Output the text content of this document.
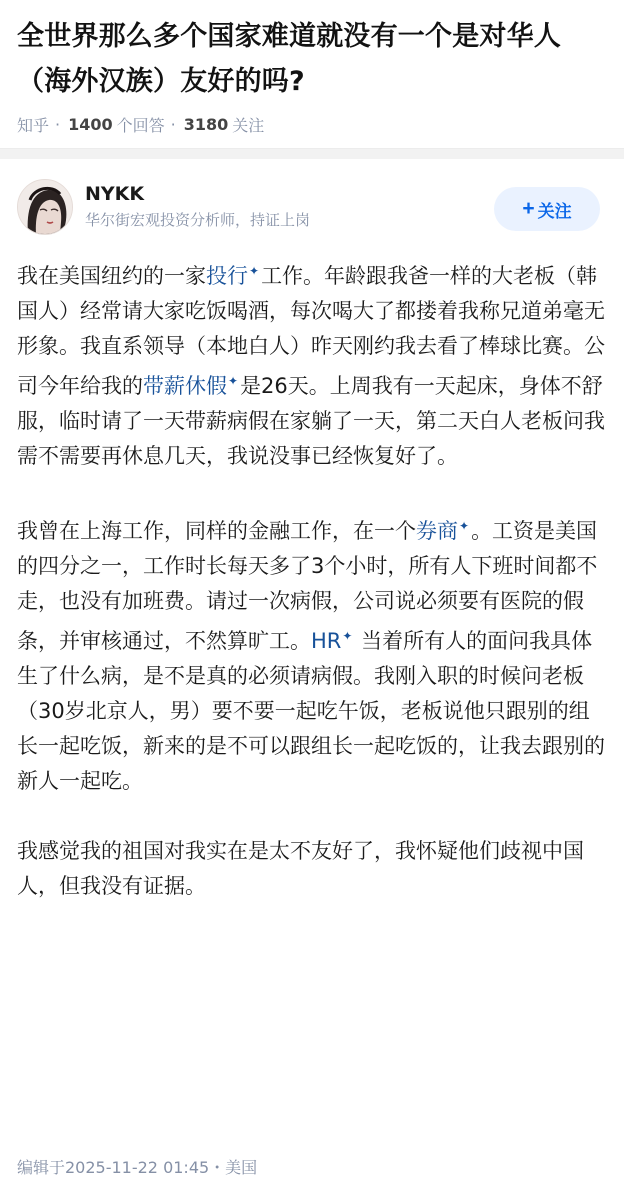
全世界那么多个国家难道就没有一个是对华人（海外汉族）友好的吗?
知乎 · 1400 个回答 · 3180 关注
NYKK
华尔街宏观投资分析师，持证上岗	+ 关注

我在美国纽约的一家投行✦工作。年龄跟我爸一样的大老板（韩国人）经常请大家吃饭喝酒，每次喝大了都搂着我称兄道弟毫无形象。我直系领导（本地白人）昨天刚约我去看了棒球比赛。公司今年给我的带薪休假✦是26天。上周我有一天起床，身体不舒服，临时请了一天带薪病假在家躺了一天，第二天白人老板问我需不需要再休息几天，我说没事已经恢复好了。

我曾在上海工作，同样的金融工作，在一个券商✦。工资是美国的四分之一，工作时长每天多了3个小时，所有人下班时间都不走，也没有加班费。请过一次病假，公司说必须要有医院的假条，并审核通过，不然算旷工。HR✦ 当着所有人的面问我具体生了什么病，是不是真的必须请病假。我刚入职的时候问老板（30岁北京人，男）要不要一起吃午饭，老板说他只跟别的组长一起吃饭，新来的是不可以跟组长一起吃饭的，让我去跟别的新人一起吃。

我感觉我的祖国对我实在是太不友好了，我怀疑他们歧视中国人，但我没有证据。

编辑于2025-11-22 01:45・美国
